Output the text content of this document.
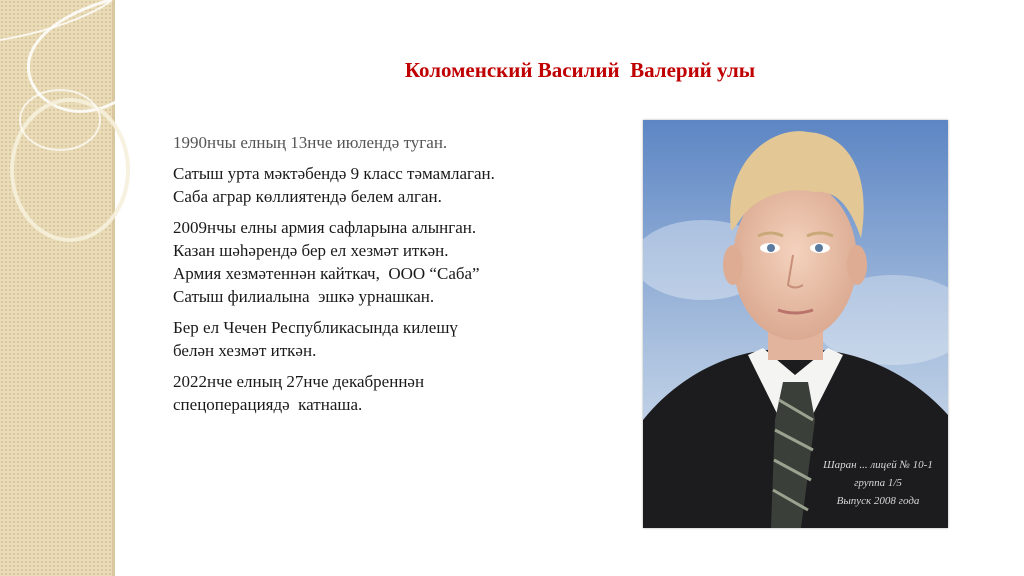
Коломенский Василий  Валерий улы

1990нчы елның 13нче июлендә туган.

Сатыш урта мәктәбендә 9 класс тәмамлаган.
Саба аграр көллиятендә белем алган.

2009нчы елны армия сафларына алынган.
Казан шәһәрендә бер ел хезмәт иткән.
Армия хезмәтеннән кайткач,  ООО “Саба”
Сатыш филиалына  эшкә урнашкан.

Бер ел Чечен Республикасында килешү
белән хезмәт иткән.

2022нче елның 27нче декабреннән
спецоперациядә  катнаша.

Шаран ... лицей № 10-1
группа 1/5
Выпуск 2008 года
